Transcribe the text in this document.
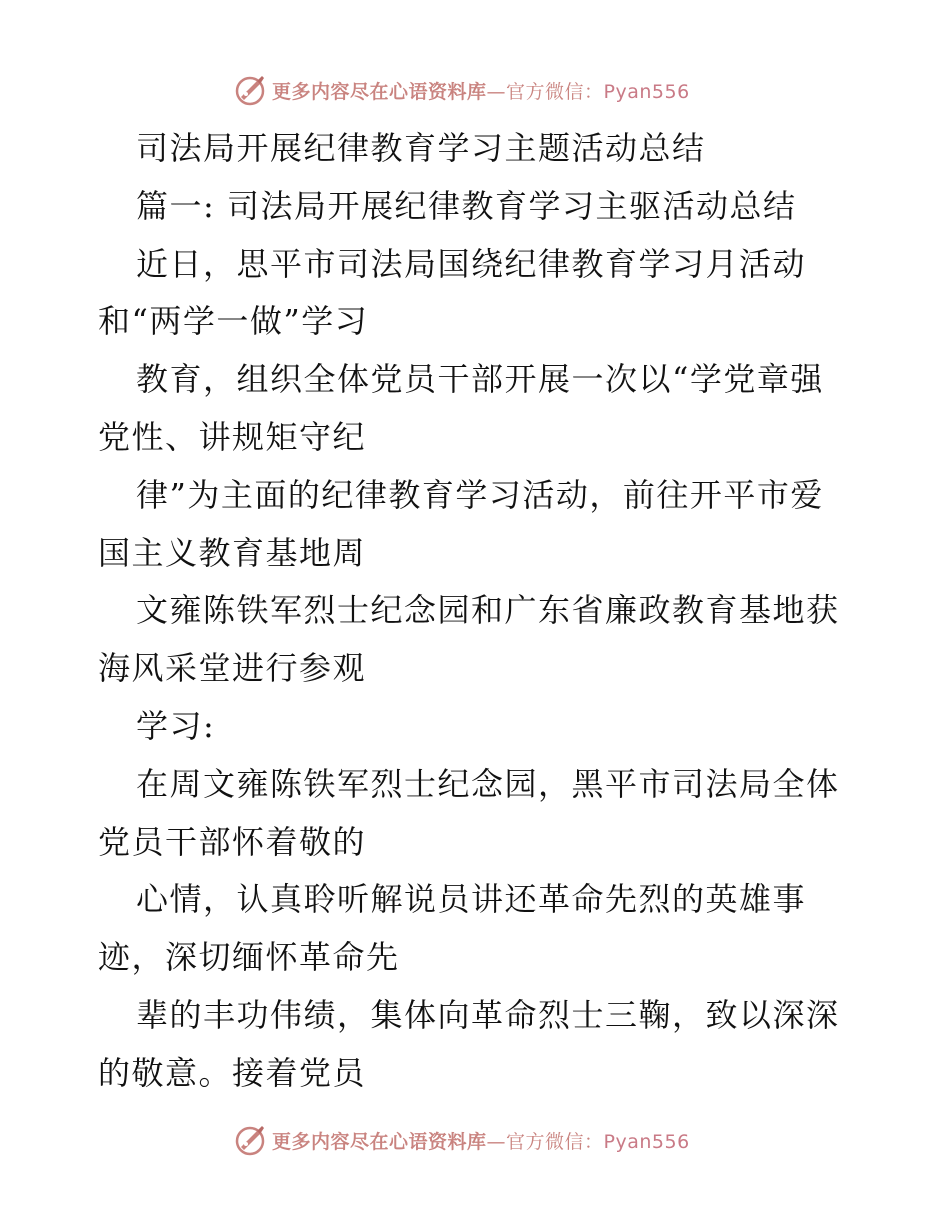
更多内容尽在心语资料库—官方微信：Pyan556
司法局开展纪律教育学习主题活动总结
篇一: 司法局开展纪律教育学习主驱活动总结
近日，思平市司法局国绕纪律教育学习月活动
和“两学一做”学习
教育，组织全体党员干部开展一次以“学党章强
党性、讲规矩守纪
律”为主面的纪律教育学习活动，前往开平市爱
国主义教育基地周
文雍陈铁军烈士纪念园和广东省廉政教育基地获
海风采堂进行参观
学习:
在周文雍陈铁军烈士纪念园，黑平市司法局全体
党员干部怀着敬的
心情，认真聆听解说员讲还革命先烈的英雄事
迹，深切缅怀革命先
辈的丰功伟绩，集体向革命烈士三鞠，致以深深
的敬意。接着党员
更多内容尽在心语资料库—官方微信：Pyan556
